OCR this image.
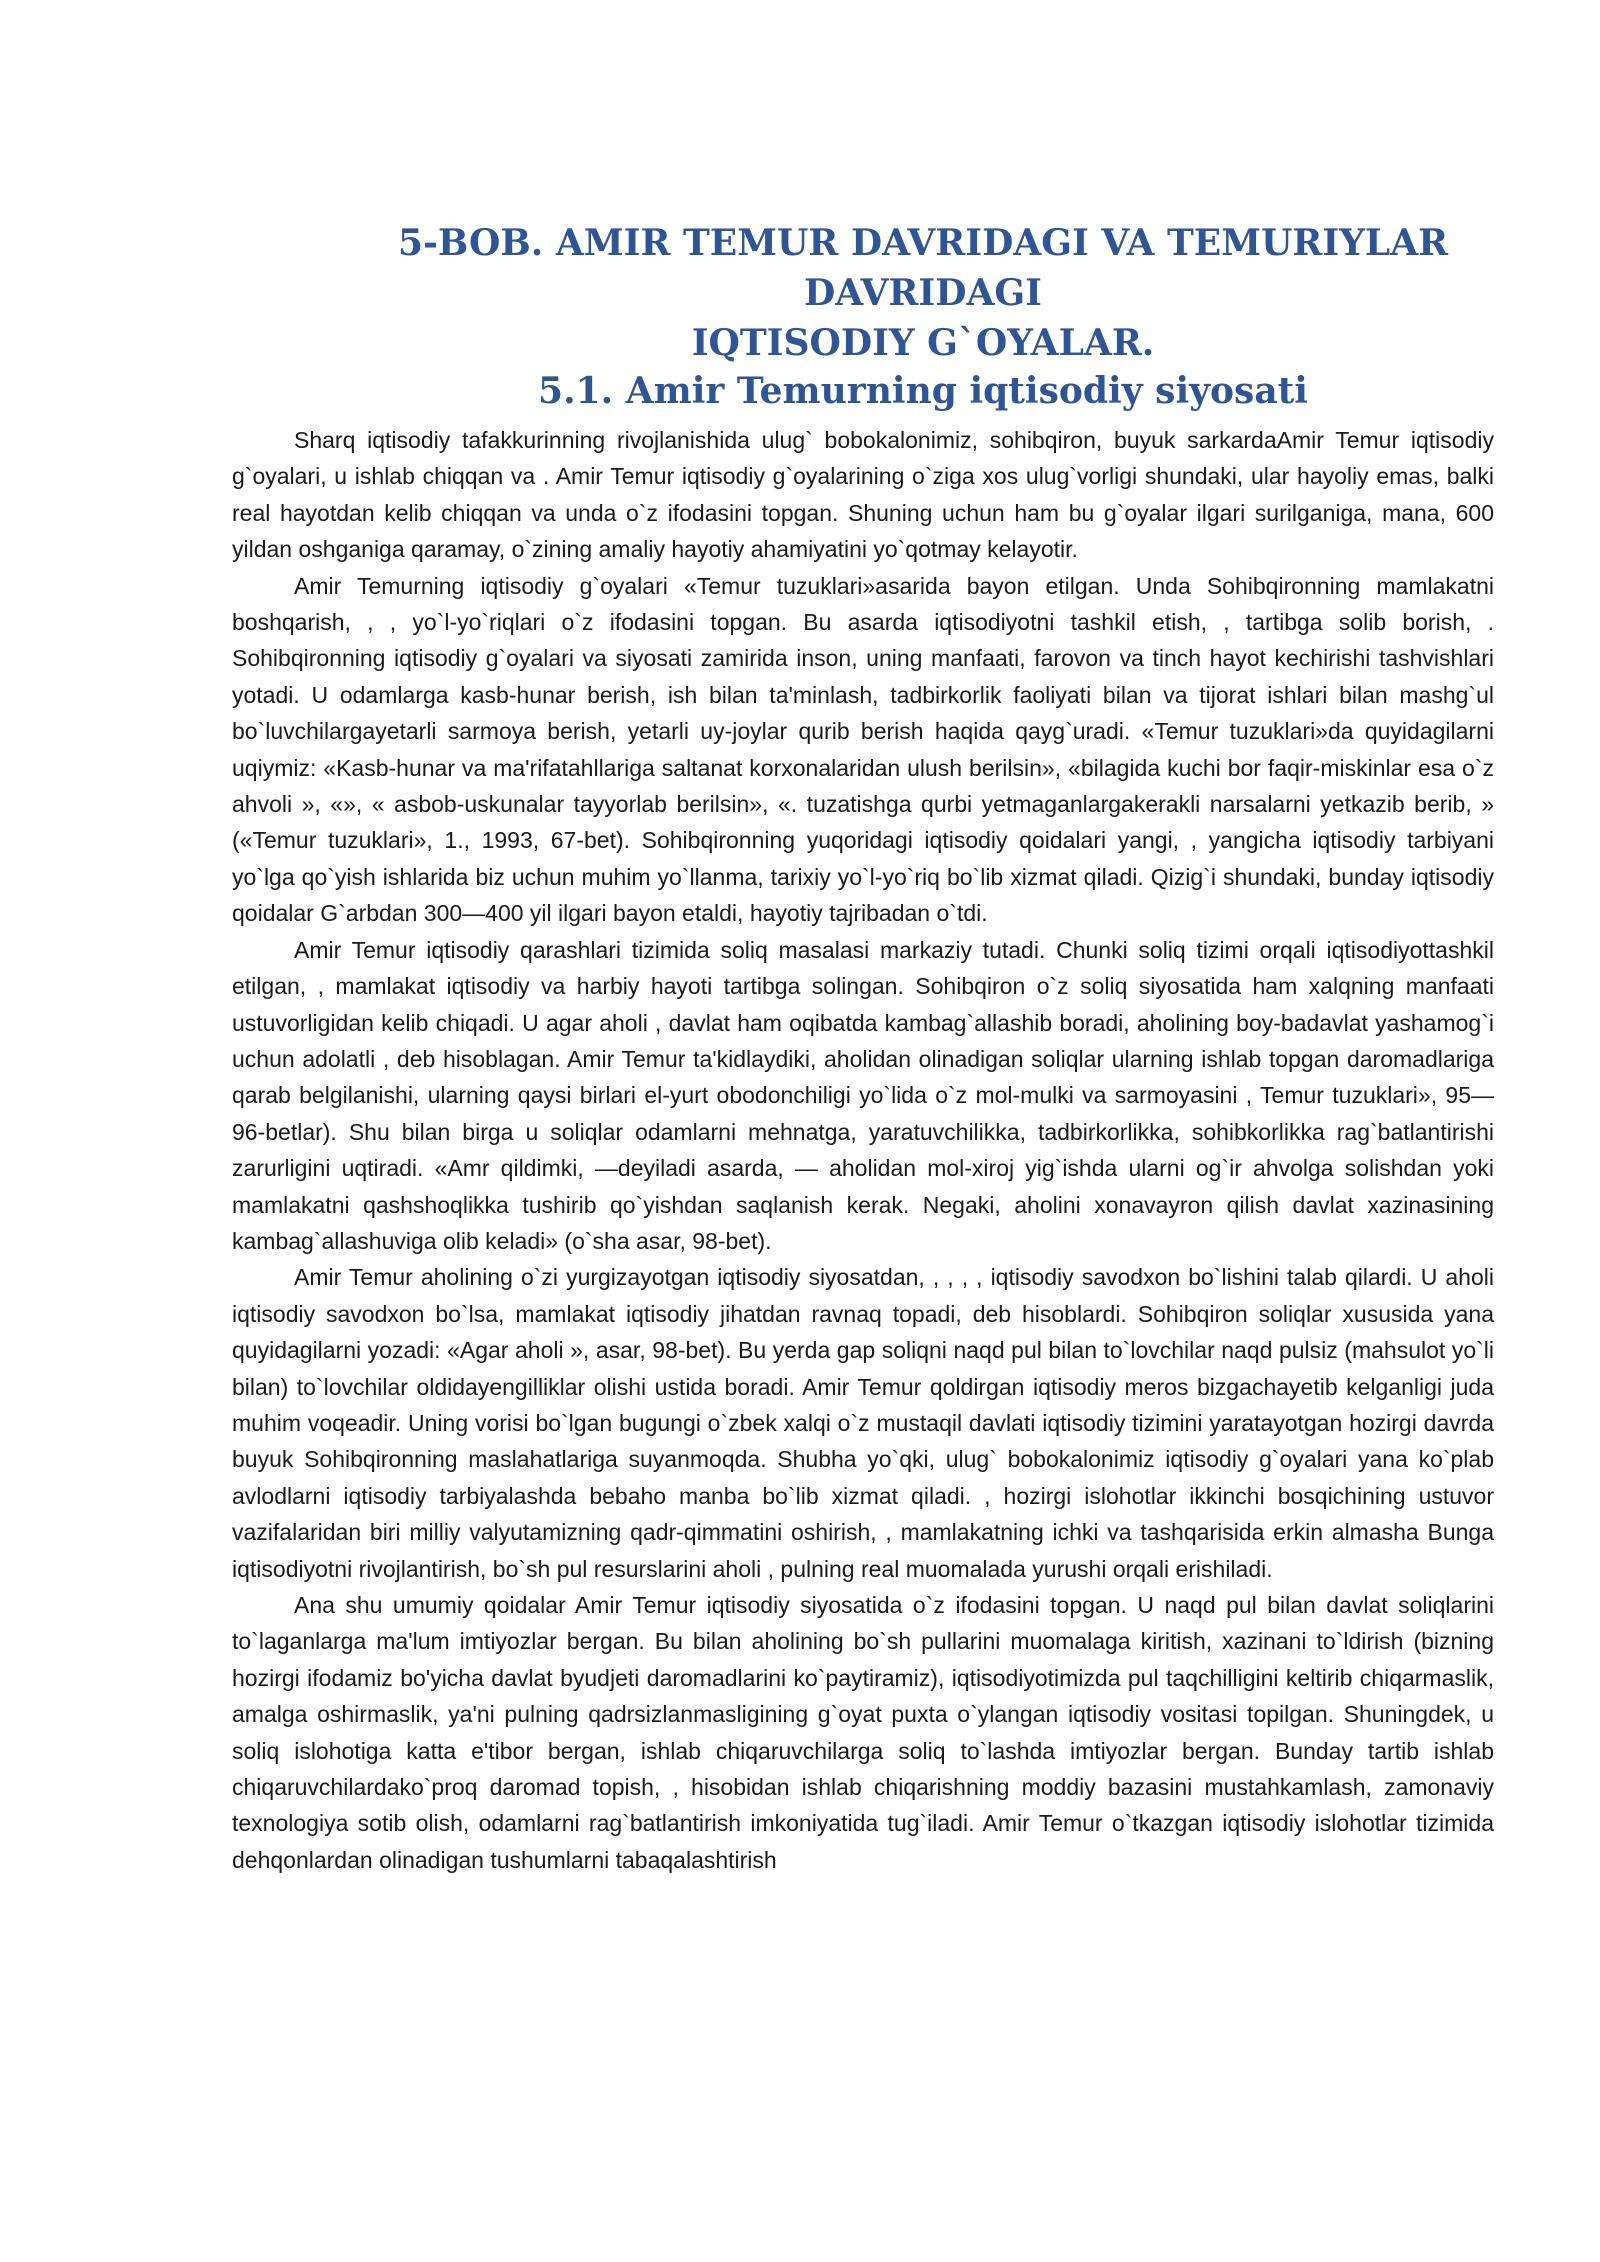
5-BOB. AMIR TEMUR DAVRIDAGI VA TEMURIYLAR DAVRIDAGI
IQTISODIY G`OYALAR.
5.1. Amir Temurning iqtisodiy siyosati

Sharq iqtisodiy tafakkurinning rivojlanishida ulug` bobokalonimiz, sohibqiron, buyuk sarkardaAmir Temur iqtisodiy g`oyalari, u ishlab chiqqan va . Amir Temur iqtisodiy g`oyalarining o`ziga xos ulug`vorligi shundaki, ular hayoliy emas, balki real hayotdan kelib chiqqan va unda o`z ifodasini topgan. Shuning uchun ham bu g`oyalar ilgari surilganiga, mana, 600 yildan oshganiga qaramay, o`zining amaliy hayotiy ahamiyatini yo`qotmay kelayotir.

Amir Temurning iqtisodiy g`oyalari «Temur tuzuklari»asarida bayon etilgan. Unda Sohibqironning mamlakatni boshqarish, , , yo`l-yo`riqlari o`z ifodasini topgan. Bu asarda iqtisodiyotni tashkil etish, , tartibga solib borish, . Sohibqironning iqtisodiy g`oyalari va siyosati zamirida inson, uning manfaati, farovon va tinch hayot kechirishi tashvishlari yotadi. U odamlarga kasb-hunar berish, ish bilan ta'minlash, tadbirkorlik faoliyati bilan va tijorat ishlari bilan mashg`ul bo`luvchilargayetarli sarmoya berish, yetarli uy-joylar qurib berish haqida qayg`uradi. «Temur tuzuklari»da quyidagilarni uqiymiz: «Kasb-hunar va ma'rifatahllariga saltanat korxonalaridan ulush berilsin», «bilagida kuchi bor faqir-miskinlar esa o`z ahvoli », «», « asbob-uskunalar tayyorlab berilsin», «. tuzatishga qurbi yetmaganlargakerakli narsalarni yetkazib berib, » («Temur tuzuklari», 1., 1993, 67-bet). Sohibqironning yuqoridagi iqtisodiy qoidalari yangi, , yangicha iqtisodiy tarbiyani yo`lga qo`yish ishlarida biz uchun muhim yo`llanma, tarixiy yo`l-yo`riq bo`lib xizmat qiladi. Qizig`i shundaki, bunday iqtisodiy qoidalar G`arbdan 300—400 yil ilgari bayon etaldi, hayotiy tajribadan o`tdi.

Amir Temur iqtisodiy qarashlari tizimida soliq masalasi markaziy tutadi. Chunki soliq tizimi orqali iqtisodiyottashkil etilgan, , mamlakat iqtisodiy va harbiy hayoti tartibga solingan. Sohibqiron o`z soliq siyosatida ham xalqning manfaati ustuvorligidan kelib chiqadi. U agar aholi , davlat ham oqibatda kambag`allashib boradi, aholining boy-badavlat yashamog`i uchun adolatli , deb hisoblagan. Amir Temur ta'kidlaydiki, aholidan olinadigan soliqlar ularning ishlab topgan daromadlariga qarab belgilanishi, ularning qaysi birlari el-yurt obodonchiligi yo`lida o`z mol-mulki va sarmoyasini , Temur tuzuklari», 95—96-betlar). Shu bilan birga u soliqlar odamlarni mehnatga, yaratuvchilikka, tadbirkorlikka, sohibkorlikka rag`batlantirishi zarurligini uqtiradi. «Amr qildimki, —deyiladi asarda, — aholidan mol-xiroj yig`ishda ularni og`ir ahvolga solishdan yoki mamlakatni qashshoqlikka tushirib qo`yishdan saqlanish kerak. Negaki, aholini xonavayron qilish davlat xazinasining kambag`allashuviga olib keladi» (o`sha asar, 98-bet).

Amir Temur aholining o`zi yurgizayotgan iqtisodiy siyosatdan, , , , , iqtisodiy savodxon bo`lishini talab qilardi. U aholi iqtisodiy savodxon bo`lsa, mamlakat iqtisodiy jihatdan ravnaq topadi, deb hisoblardi. Sohibqiron soliqlar xususida yana quyidagilarni yozadi: «Agar aholi », asar, 98-bet). Bu yerda gap soliqni naqd pul bilan to`lovchilar naqd pulsiz (mahsulot yo`li bilan) to`lovchilar oldidayengilliklar olishi ustida boradi. Amir Temur qoldirgan iqtisodiy meros bizgachayetib kelganligi juda muhim voqeadir. Uning vorisi bo`lgan bugungi o`zbek xalqi o`z mustaqil davlati iqtisodiy tizimini yaratayotgan hozirgi davrda buyuk Sohibqironning maslahatlariga suyanmoqda. Shubha yo`qki, ulug` bobokalonimiz iqtisodiy g`oyalari yana ko`plab avlodlarni iqtisodiy tarbiyalashda bebaho manba bo`lib xizmat qiladi. , hozirgi islohotlar ikkinchi bosqichining ustuvor vazifalaridan biri milliy valyutamizning qadr-qimmatini oshirish, , mamlakatning ichki va tashqarisida erkin almasha Bunga iqtisodiyotni rivojlantirish, bo`sh pul resurslarini aholi , pulning real muomalada yurushi orqali erishiladi.

Ana shu umumiy qoidalar Amir Temur iqtisodiy siyosatida o`z ifodasini topgan. U naqd pul bilan davlat soliqlarini to`laganlarga ma'lum imtiyozlar bergan. Bu bilan aholining bo`sh pullarini muomalaga kiritish, xazinani to`ldirish (bizning hozirgi ifodamiz bo'yicha davlat byudjeti daromadlarini ko`paytiramiz), iqtisodiyotimizda pul taqchilligini keltirib chiqarmaslik, amalga oshirmaslik, ya'ni pulning qadrsizlanmasligining g`oyat puxta o`ylangan iqtisodiy vositasi topilgan. Shuningdek, u soliq islohotiga katta e'tibor bergan, ishlab chiqaruvchilarga soliq to`lashda imtiyozlar bergan. Bunday tartib ishlab chiqaruvchilardako`proq daromad topish, , hisobidan ishlab chiqarishning moddiy bazasini mustahkamlash, zamonaviy texnologiya sotib olish, odamlarni rag`batlantirish imkoniyatida tug`iladi. Amir Temur o`tkazgan iqtisodiy islohotlar tizimida dehqonlardan olinadigan tushumlarni tabaqalashtirish
